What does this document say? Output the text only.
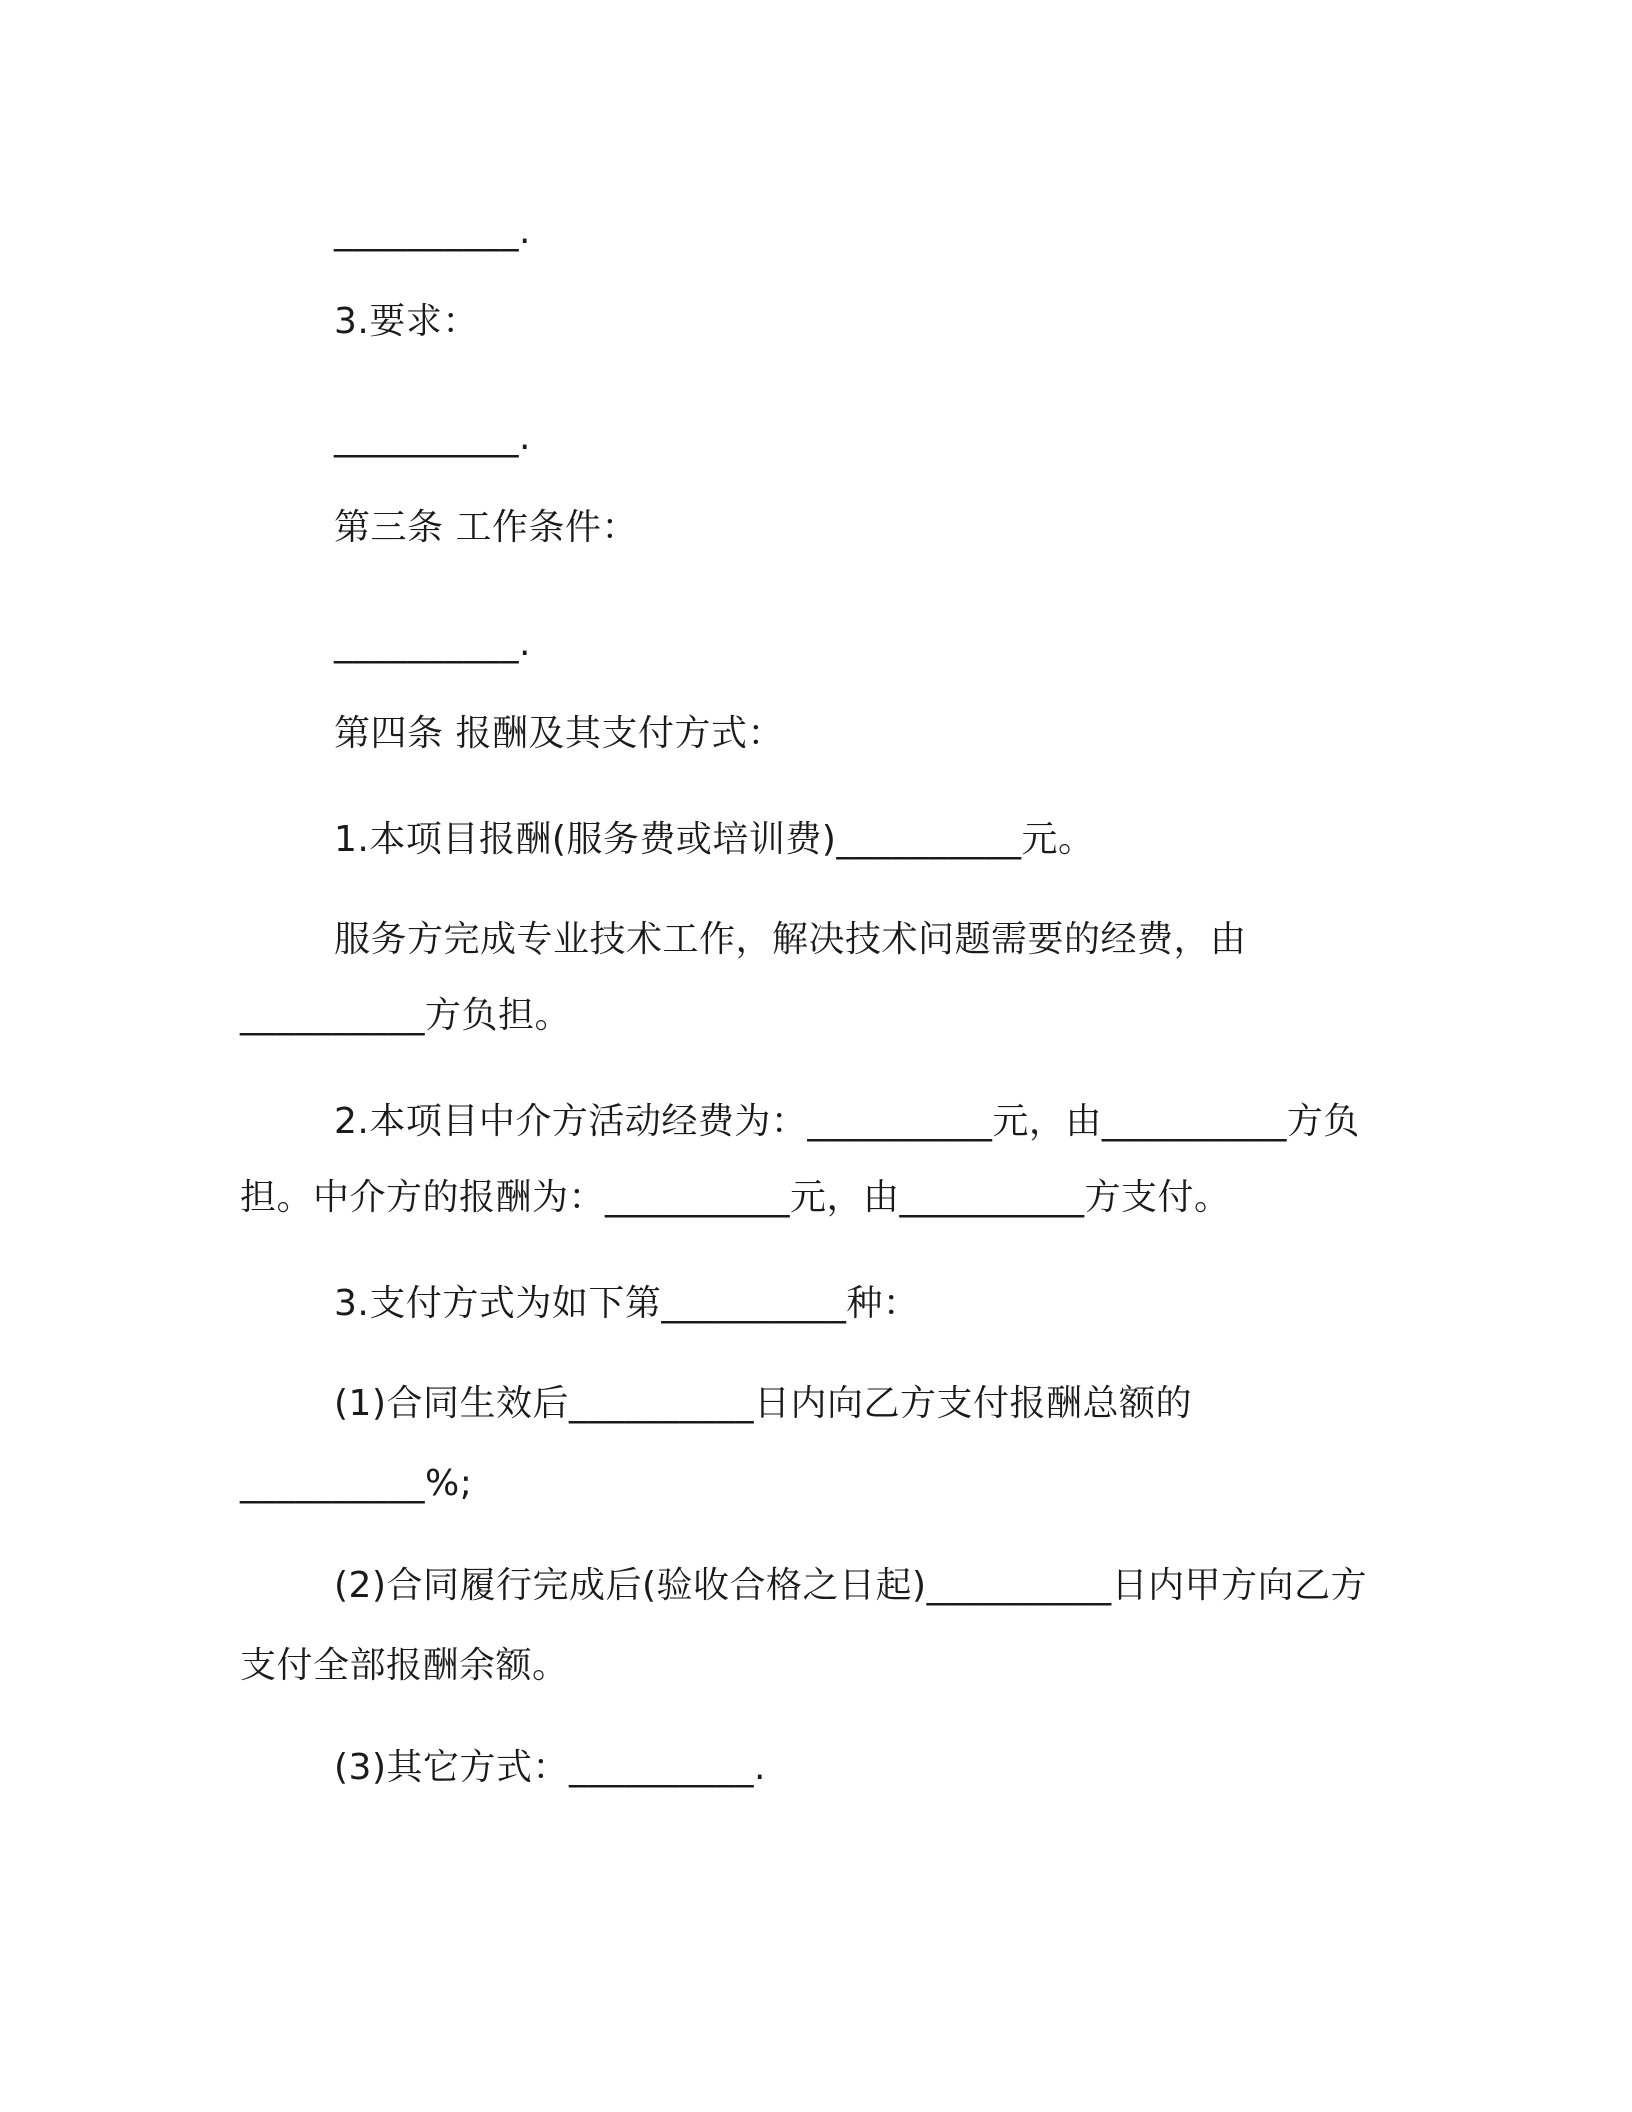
__________.
3.要求：
__________.
第三条 工作条件：
__________.
第四条 报酬及其支付方式：
1.本项目报酬(服务费或培训费)__________元。
服务方完成专业技术工作，解决技术问题需要的经费，由
__________方负担。
2.本项目中介方活动经费为：__________元，由__________方负
担。中介方的报酬为：__________元，由__________方支付。
3.支付方式为如下第__________种：
(1)合同生效后__________日内向乙方支付报酬总额的
__________%;
(2)合同履行完成后(验收合格之日起)__________日内甲方向乙方
支付全部报酬余额。
(3)其它方式：__________.
